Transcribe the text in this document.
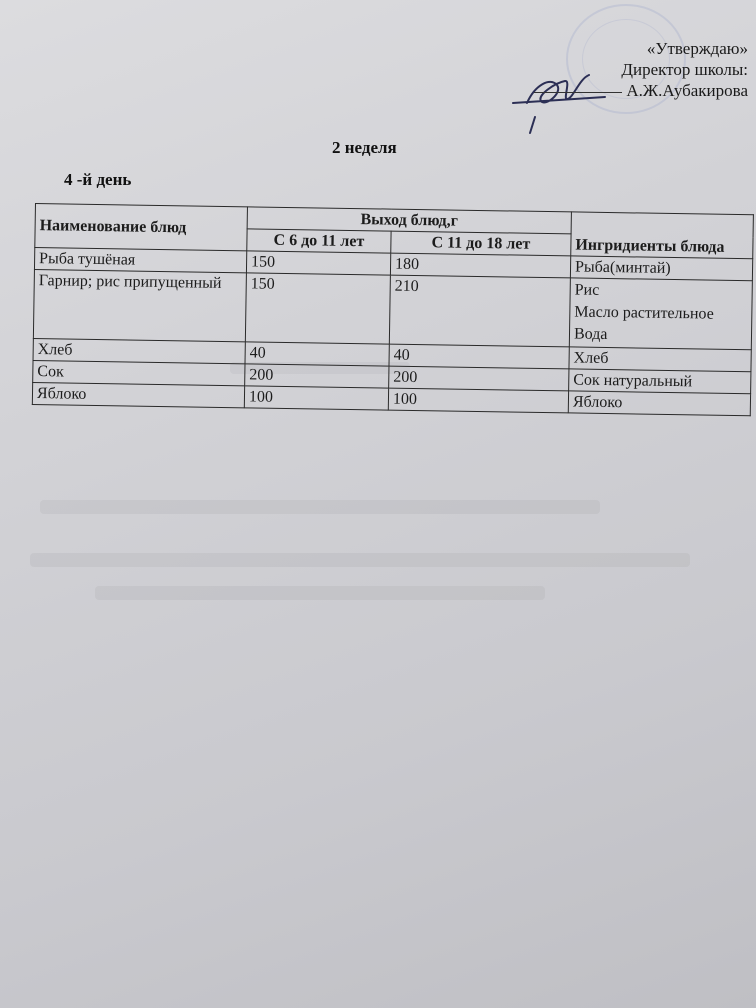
«Утверждаю»
Директор школы:
А.Ж.Аубакирова
2 неделя
4 -й день
Наименование блюд	Выход блюд,г		Ингридиенты блюда
	С 6 до 11 лет	С 11 до 18 лет	
Рыба тушёная	150	180	Рыба(минтай)

Гарнир; рис припущенный	150	210	Рис
Масло растительное
Вода

Хлеб	40	40	Хлеб

Сок	200	200	Сок натуральный

Яблоко	100	100	Яблоко
